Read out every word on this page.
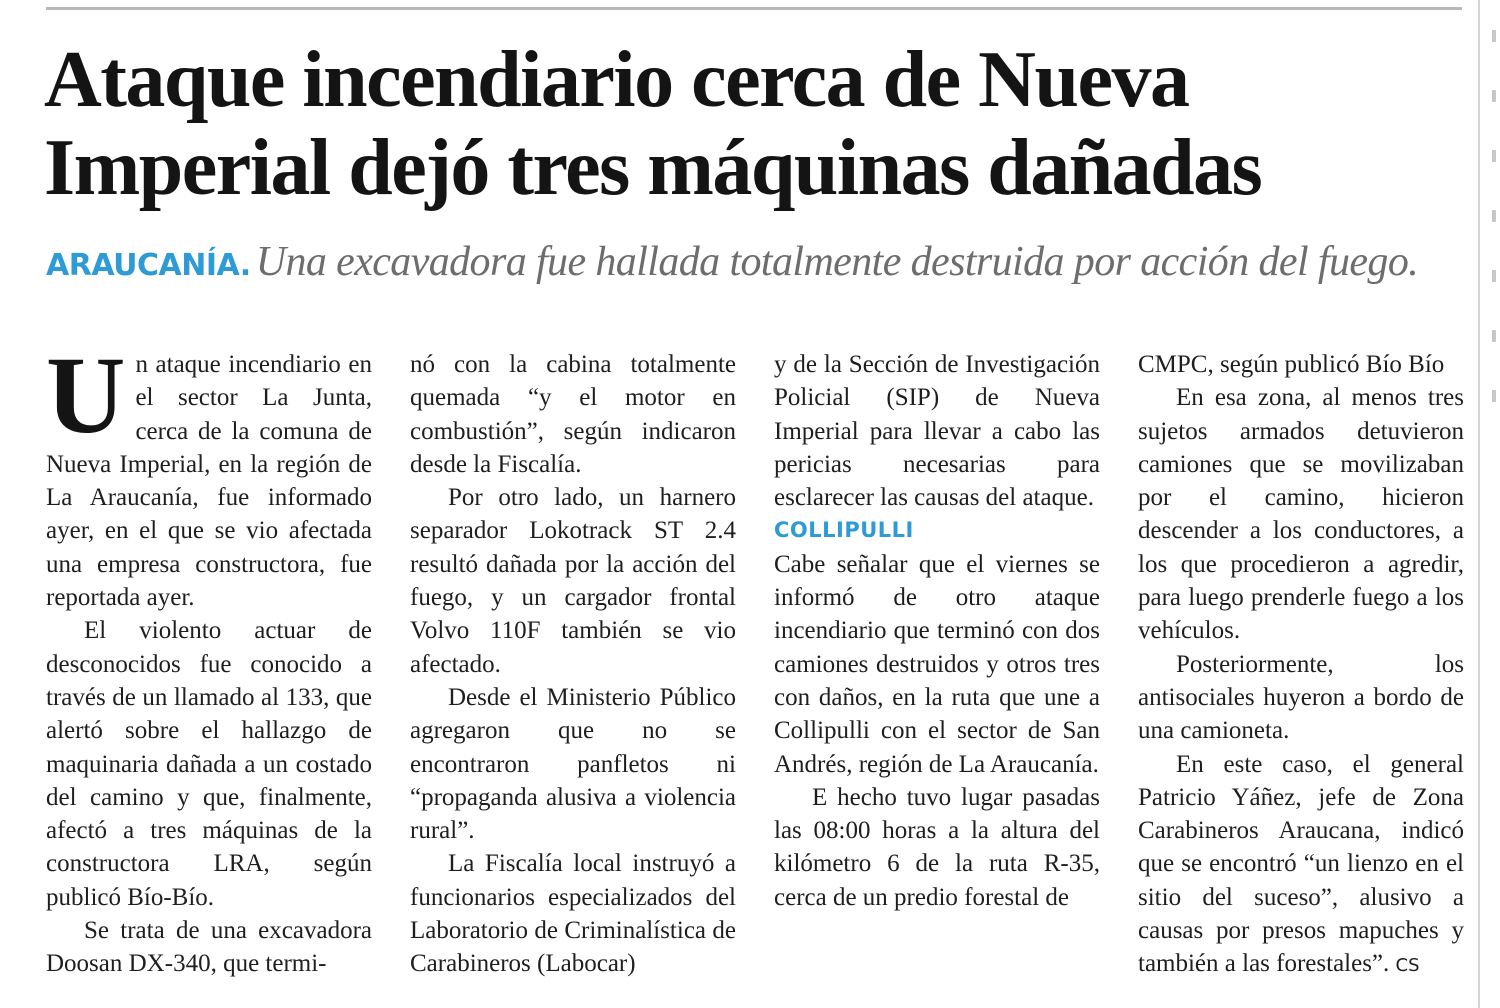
Ataque incendiario cerca de Nueva Imperial dejó tres máquinas dañadas

ARAUCANÍA. Una excavadora fue hallada totalmente destruida por acción del fuego.

Un ataque incendiario en el sector La Junta, cerca de la comuna de Nueva Imperial, en la región de La Araucanía, fue informado ayer, en el que se vio afectada una empresa constructora, fue reportada ayer.

El violento actuar de desconocidos fue conocido a través de un llamado al 133, que alertó sobre el hallazgo de maquinaria dañada a un costado del camino y que, finalmente, afectó a tres máquinas de la constructora LRA, según publicó Bío-Bío.

Se trata de una excavadora Doosan DX-340, que termi-

nó con la cabina totalmente quemada “y el motor en combustión”, según indicaron desde la Fiscalía.

Por otro lado, un harnero separador Lokotrack ST 2.4 resultó dañada por la acción del fuego, y un cargador frontal Volvo 110F también se vio afectado.

Desde el Ministerio Público agregaron que no se encontraron panfletos ni “propaganda alusiva a violencia rural”.

La Fiscalía local instruyó a funcionarios especializados del Laboratorio de Criminalística de Carabineros (Labocar)

y de la Sección de Investigación Policial (SIP) de Nueva Imperial para llevar a cabo las pericias necesarias para esclarecer las causas del ataque.

COLLIPULLI

Cabe señalar que el viernes se informó de otro ataque incendiario que terminó con dos camiones destruidos y otros tres con daños, en la ruta que une a Collipulli con el sector de San Andrés, región de La Araucanía.

E hecho tuvo lugar pasadas las 08:00 horas a la altura del kilómetro 6 de la ruta R-35, cerca de un predio forestal de

CMPC, según publicó Bío Bío

En esa zona, al menos tres sujetos armados detuvieron camiones que se movilizaban por el camino, hicieron descender a los conductores, a los que procedieron a agredir, para luego prenderle fuego a los vehículos.

Posteriormente, los antisociales huyeron a bordo de una camioneta.

En este caso, el general Patricio Yáñez, jefe de Zona Carabineros Araucana, indicó que se encontró “un lienzo en el sitio del suceso”, alusivo a causas por presos mapuches y también a las forestales”. CS
